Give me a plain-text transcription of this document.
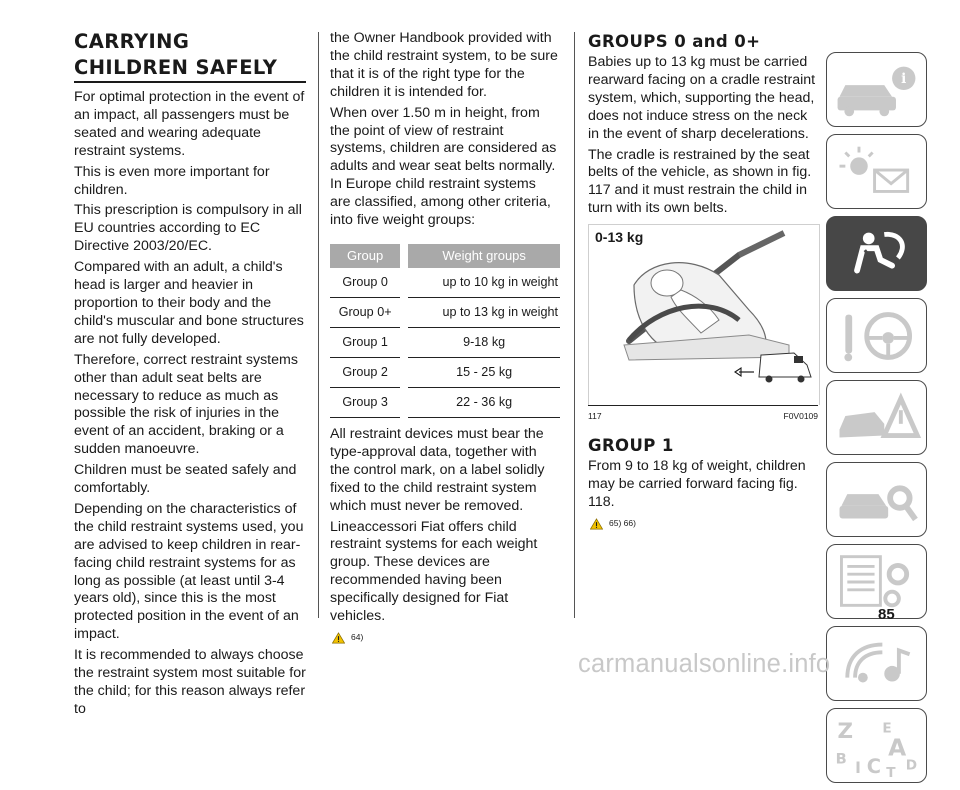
CARRYING
CHILDREN SAFELY

For optimal protection in the event of an impact, all passengers must be seated and wearing adequate restraint systems.

This is even more important for children.

This prescription is compulsory in all EU countries according to EC Directive 2003/20/EC.

Compared with an adult, a child's head is larger and heavier in proportion to their body and the child's muscular and bone structures are not fully developed.

Therefore, correct restraint systems other than adult seat belts are necessary to reduce as much as possible the risk of injuries in the event of an accident, braking or a sudden manoeuvre.

Children must be seated safely and comfortably.

Depending on the characteristics of the child restraint systems used, you are advised to keep children in rear-facing child restraint systems for as long as possible (at least until 3-4 years old), since this is the most protected position in the event of an impact.

It is recommended to always choose the restraint system most suitable for the child; for this reason always refer to

the Owner Handbook provided with the child restraint system, to be sure that it is of the right type for the children it is intended for.

When over 1.50 m in height, from the point of view of restraint systems, children are considered as adults and wear seat belts normally. In Europe child restraint systems are classified, among other criteria, into five weight groups:

Group		Weight groups
Group 0		up to 10 kg in weight
Group 0+		up to 13 kg in weight
Group 1		9-18 kg
Group 2		15 - 25 kg
Group 3		22 - 36 kg

All restraint devices must bear the type-approval data, together with the control mark, on a label solidly fixed to the child restraint system which must never be removed.

Lineaccessori Fiat offers child restraint systems for each weight group. These devices are recommended having been specifically designed for Fiat vehicles.

64)
GROUPS 0 and 0+

Babies up to 13 kg must be carried rearward facing on a cradle restraint system, which, supporting the head, does not induce stress on the neck in the event of sharp decelerations.

The cradle is restrained by the seat belts of the vehicle, as shown in fig. 117 and it must restrain the child in turn with its own belts.

0-13 kg
117	F0V0109
GROUP 1

From 9 to 18 kg of weight, children may be carried forward facing fig. 118.

65) 66)
i
Z E
A
B
I C T D
85
carmanualsonline.info
